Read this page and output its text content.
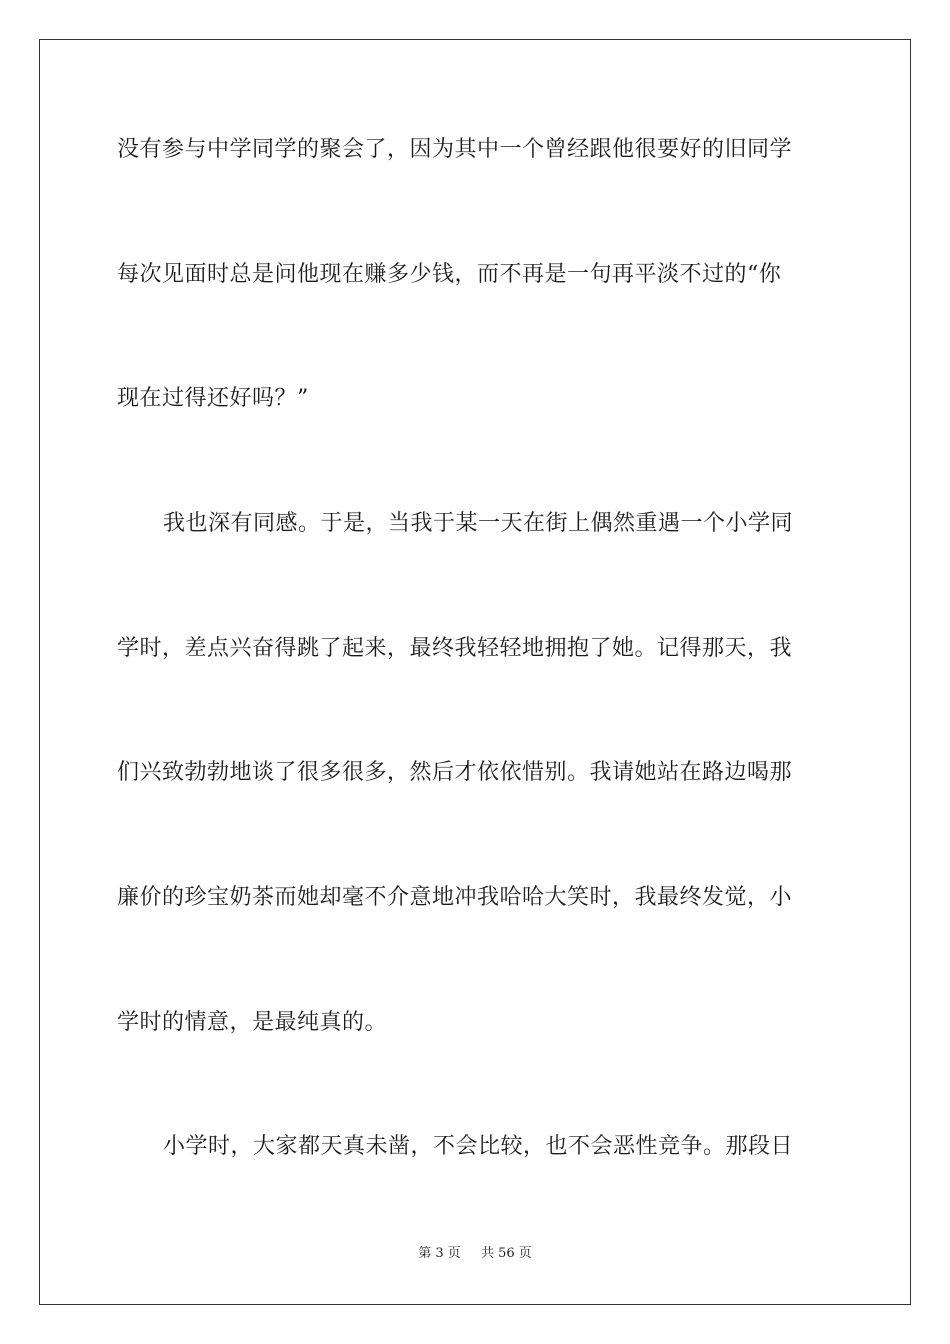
没有参与中学同学的聚会了，因为其中一个曾经跟他很要好的旧同学
每次见面时总是问他现在赚多少钱，而不再是一句再平淡不过的“你
现在过得还好吗？”
我也深有同感。于是，当我于某一天在街上偶然重遇一个小学同
学时，差点兴奋得跳了起来，最终我轻轻地拥抱了她。记得那天，我
们兴致勃勃地谈了很多很多，然后才依依惜别。我请她站在路边喝那
廉价的珍宝奶茶而她却毫不介意地冲我哈哈大笑时，我最终发觉，小
学时的情意，是最纯真的。
小学时，大家都天真未凿，不会比较，也不会恶性竞争。那段日
第 3 页 共 56 页
